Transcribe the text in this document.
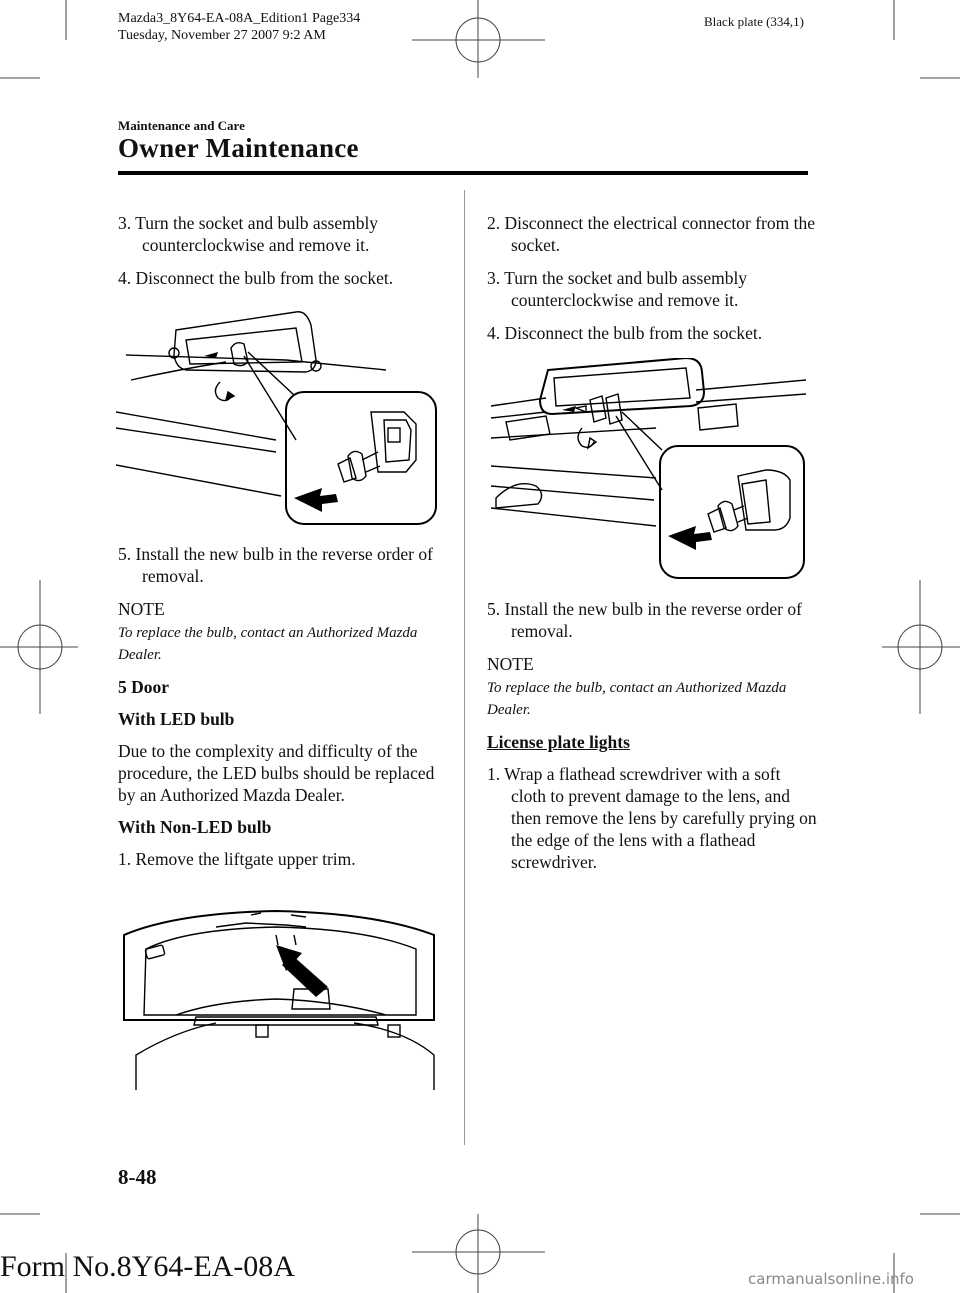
Mazda3_8Y64-EA-08A_Edition1 Page334
Tuesday, November 27 2007 9:2 AM
Black plate (334,1)
Maintenance and Care
Owner Maintenance

3. Turn the socket and bulb assembly counterclockwise and remove it.

4. Disconnect the bulb from the socket.

5. Install the new bulb in the reverse order of removal.

NOTE

To replace the bulb, contact an Authorized Mazda Dealer.

5 Door

With LED bulb

Due to the complexity and difficulty of the procedure, the LED bulbs should be replaced by an Authorized Mazda Dealer.

With Non-LED bulb

1. Remove the liftgate upper trim.

2. Disconnect the electrical connector from the socket.

3. Turn the socket and bulb assembly counterclockwise and remove it.

4. Disconnect the bulb from the socket.

5. Install the new bulb in the reverse order of removal.

NOTE

To replace the bulb, contact an Authorized Mazda Dealer.

License plate lights

1. Wrap a flathead screwdriver with a soft cloth to prevent damage to the lens, and then remove the lens by carefully prying on the edge of the lens with a flathead screwdriver.

8-48
Form No.8Y64-EA-08A	carmanualsonline.info
